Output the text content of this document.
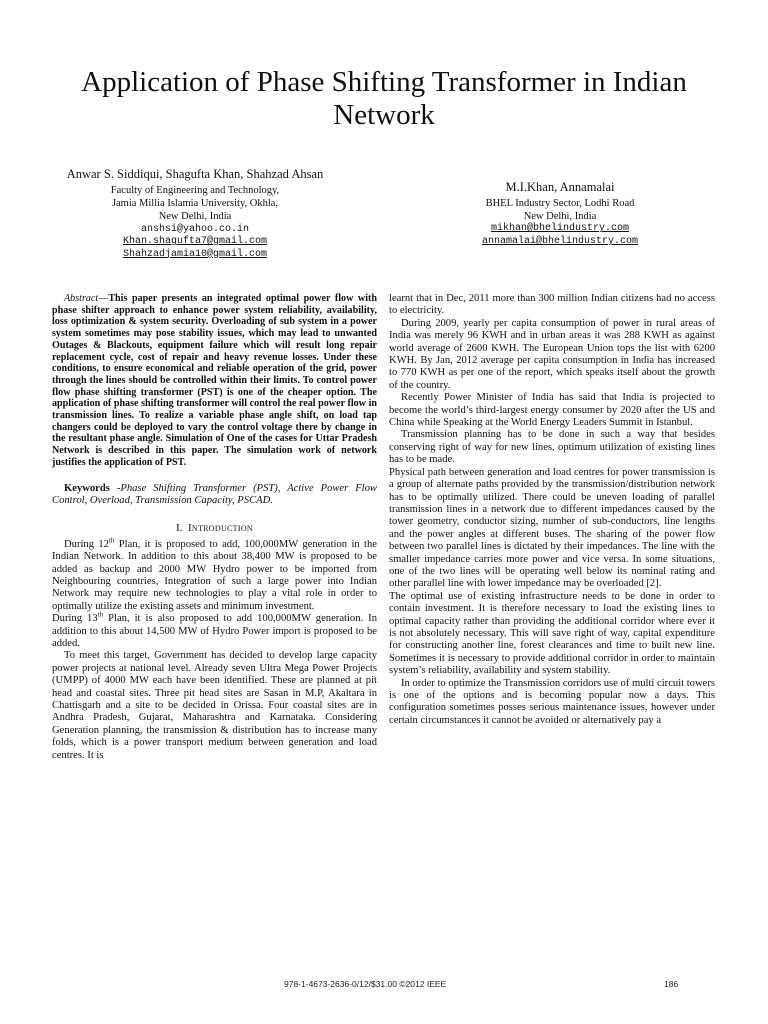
Application of Phase Shifting Transformer in Indian Network
Anwar S. Siddiqui, Shagufta Khan, Shahzad Ahsan
Faculty of Engineering and Technology,
Jamia Millia Islamia University, Okhla,
New Delhi, India
anshsi@yahoo.co.in
Khan.shagufta7@gmail.com
Shahzadjamia10@gmail.com
M.I.Khan, Annamalai
BHEL Industry Sector, Lodhi Road
New Delhi, India
mikhan@bhelindustry.com
annamalai@bhelindustry.com

Abstract—This paper presents an integrated optimal power flow with phase shifter approach to enhance power system reliability, availability, loss optimization & system security. Overloading of sub system in a power system sometimes may pose stability issues, which may lead to unwanted Outages & Blackouts, equipment failure which will result long repair replacement cycle, cost of repair and heavy revenue losses. Under these conditions, to ensure economical and reliable operation of the grid, power through the lines should be controlled within their limits. To control power flow phase shifting transformer (PST) is one of the cheaper option. The application of phase shifting transformer will control the real power flow in transmission lines. To realize a variable phase angle shift, on load tap changers could be deployed to vary the control voltage there by change in the resultant phase angle. Simulation of One of the cases for Uttar Pradesh Network is described in this paper. The simulation work of network justifies the application of PST.

Keywords -Phase Shifting Transformer (PST), Active Power Flow Control, Overload, Transmission Capacity, PSCAD.

I. Introduction

During 12th Plan, it is proposed to add, 100,000MW generation in the Indian Network. In addition to this about 38,400 MW is proposed to be added as backup and 2000 MW Hydro power to be imported from Neighbouring countries, Integration of such a large power into Indian Network may require new technologies to play a vital role in order to optimally utilize the existing assets and minimum investment.

During 13th Plan, it is also proposed to add 100,000MW generation. In addition to this about 14,500 MW of Hydro Power import is proposed to be added.

To meet this target, Government has decided to develop large capacity power projects at national level. Already seven Ultra Mega Power Projects (UMPP) of 4000 MW each have been identified. These are planned at pit head and coastal sites. Three pit head sites are Sasan in M.P, Akaltara in Chattisgarh and a site to be decided in Orissa. Four coastal sites are in Andhra Pradesh, Gujarat, Maharashtra and Karnataka. Considering Generation planning, the transmission & distribution has to increase many folds, which is a power transport medium between generation and load centres. It is

learnt that in Dec, 2011 more than 300 million Indian citizens had no access to electricity.

During 2009, yearly per capita consumption of power in rural areas of India was merely 96 KWH and in urban areas it was 288 KWH as against world average of 2600 KWH. The European Union tops the list with 6200 KWH. By Jan, 2012 average per capita consumption in India has increased to 770 KWH as per one of the report, which speaks itself about the growth of the country.

Recently Power Minister of India has said that India is projected to become the world’s third-largest energy consumer by 2020 after the US and China while Speaking at the World Energy Leaders Summit in Istanbul.

Transmission planning has to be done in such a way that besides conserving right of way for new lines, optimum utilization of existing lines has to be made.

Physical path between generation and load centres for power transmission is a group of alternate paths provided by the transmission/distribution network has to be optimally utilized. There could be uneven loading of parallel transmission lines in a network due to different impedances caused by the tower geometry, conductor sizing, number of sub-conductors, line lengths and the power angles at different buses. The sharing of the power flow between two parallel lines is dictated by their impedances. The line with the smaller impedance carries more power and vice versa. In some situations, one of the two lines will be operating well below its nominal rating and other parallel line with lower impedance may be overloaded [2].

The optimal use of existing infrastructure needs to be done in order to contain investment. It is therefore necessary to load the existing lines to optimal capacity rather than providing the additional corridor where ever it is not absolutely necessary. This will save right of way, capital expenditure for constructing another line, forest clearances and time to built new line. Sometimes it is necessary to provide additional corridor in order to maintain system’s reliability, availability and system stability.

In order to optimize the Transmission corridors use of multi circuit towers is one of the options and is becoming popular now a days. This configuration sometimes posses serious maintenance issues, however under certain circumstances it cannot be avoided or alternatively pay a

978-1-4673-2636-0/12/$31.00 ©2012 IEEE	186
